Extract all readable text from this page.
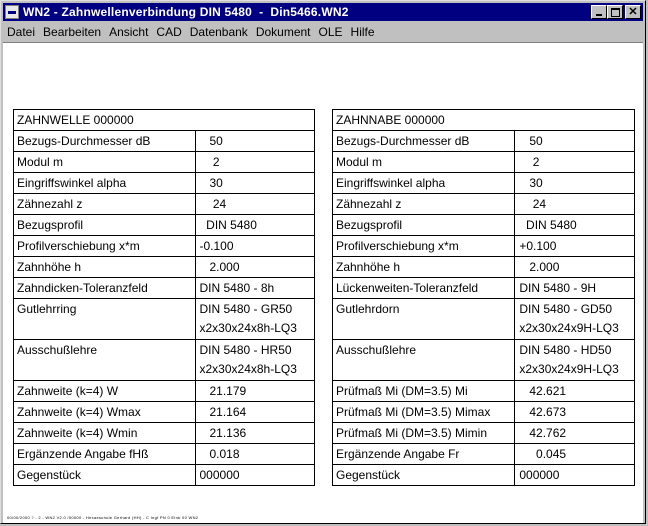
WN2 - Zahnwellenverbindung DIN 5480  -  Din5466.WN2	✕
Datei Bearbeiten Ansicht CAD Datenbank Dokument OLE Hilfe
ZAHNWELLE 000000	
Bezugs-Durchmesser dB	50

Modul m	2

Eingriffswinkel alpha	30

Zähnezahl z	24

Bezugsprofil	DIN 5480

Profilverschiebung x*m	-0.100

Zahnhöhe h	2.000

Zahndicken-Toleranzfeld	DIN 5480 - 8h

Gutlehrring	DIN 5480 - GR50
x2x30x24x8h-LQ3

Ausschußlehre	DIN 5480 - HR50
x2x30x24x8h-LQ3

Zahnweite (k=4) W	21.179

Zahnweite (k=4) Wmax	21.164

Zahnweite (k=4) Wmin	21.136

Ergänzende Angabe fHß	0.018

Gegenstück	000000
ZAHNNABE 000000	
Bezugs-Durchmesser dB	50

Modul m	2

Eingriffswinkel alpha	30

Zähnezahl z	24

Bezugsprofil	DIN 5480

Profilverschiebung x*m	+0.100

Zahnhöhe h	2.000

Lückenweiten-Toleranzfeld	DIN 5480 - 9H

Gutlehrdorn	DIN 5480 - GD50
x2x30x24x9H-LQ3

Ausschußlehre	DIN 5480 - HD50
x2x30x24x9H-LQ3

Prüfmaß Mi (DM=3.5) Mi	42.621

Prüfmaß Mi (DM=3.5) Mimax	42.673

Prüfmaß Mi (DM=3.5) Mimin	42.762

Ergänzende Angabe Fr	0.045

Gegenstück	000000
00/00/2000 ? - 2 - WN2 V2.0 /00000 - Hexaeschule Gerhard (HH) - C Ingf PN 0 Einb 00 WN2
